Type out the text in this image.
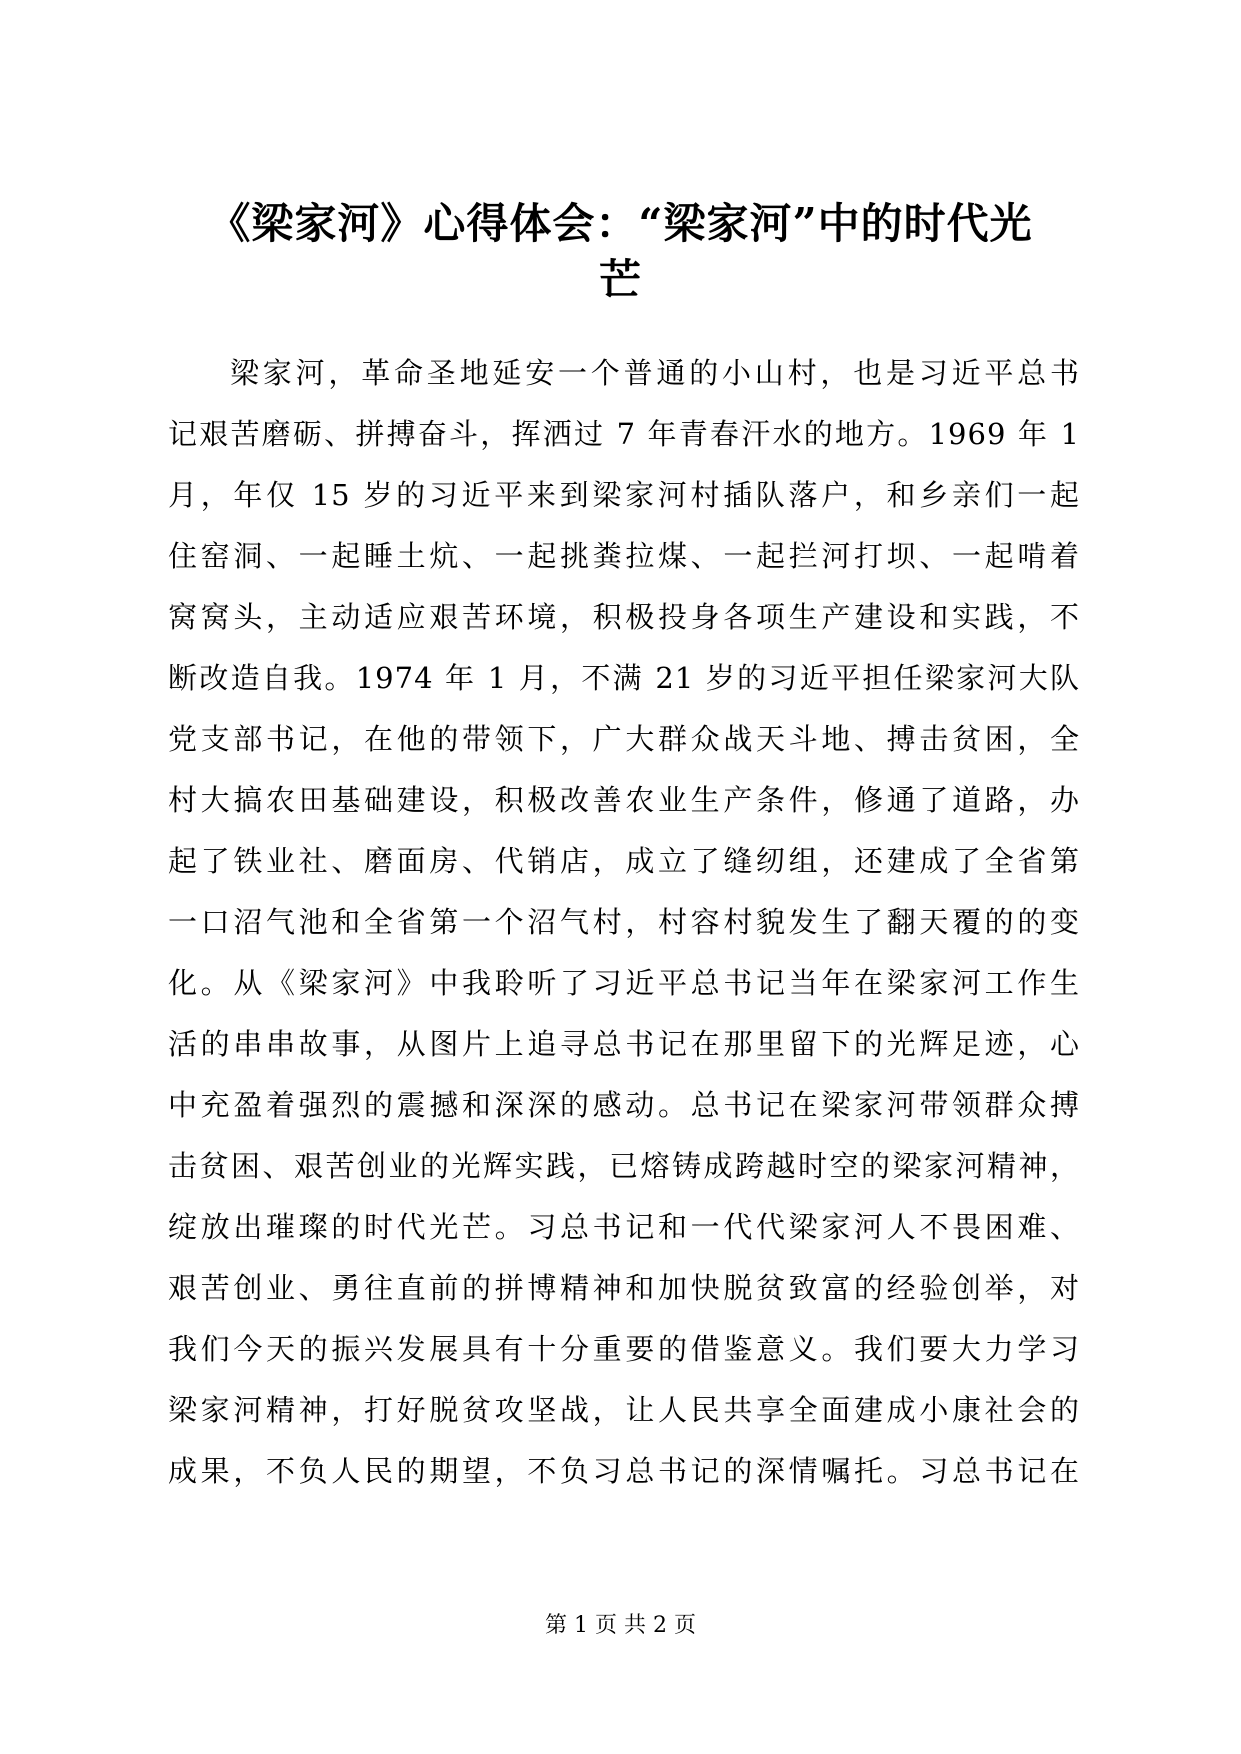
《梁家河》心得体会：“梁家河”中的时代光
芒
梁家河，革命圣地延安一个普通的小山村，也是习近平总书
记艰苦磨砺、拼搏奋斗，挥洒过 7 年青春汗水的地方。1969 年 1
月，年仅 15 岁的习近平来到梁家河村插队落户，和乡亲们一起
住窑洞、一起睡土炕、一起挑粪拉煤、一起拦河打坝、一起啃着
窝窝头，主动适应艰苦环境，积极投身各项生产建设和实践，不
断改造自我。1974 年 1 月，不满 21 岁的习近平担任梁家河大队
党支部书记，在他的带领下，广大群众战天斗地、搏击贫困，全
村大搞农田基础建设，积极改善农业生产条件，修通了道路，办
起了铁业社、磨面房、代销店，成立了缝纫组，还建成了全省第
一口沼气池和全省第一个沼气村，村容村貌发生了翻天覆的的变
化。从《梁家河》中我聆听了习近平总书记当年在梁家河工作生
活的串串故事，从图片上追寻总书记在那里留下的光辉足迹，心
中充盈着强烈的震撼和深深的感动。总书记在梁家河带领群众搏
击贫困、艰苦创业的光辉实践，已熔铸成跨越时空的梁家河精神，
绽放出璀璨的时代光芒。习总书记和一代代梁家河人不畏困难、
艰苦创业、勇往直前的拼博精神和加快脱贫致富的经验创举，对
我们今天的振兴发展具有十分重要的借鉴意义。我们要大力学习
梁家河精神，打好脱贫攻坚战，让人民共享全面建成小康社会的
成果，不负人民的期望，不负习总书记的深情嘱托。习总书记在
第 1 页 共 2 页
